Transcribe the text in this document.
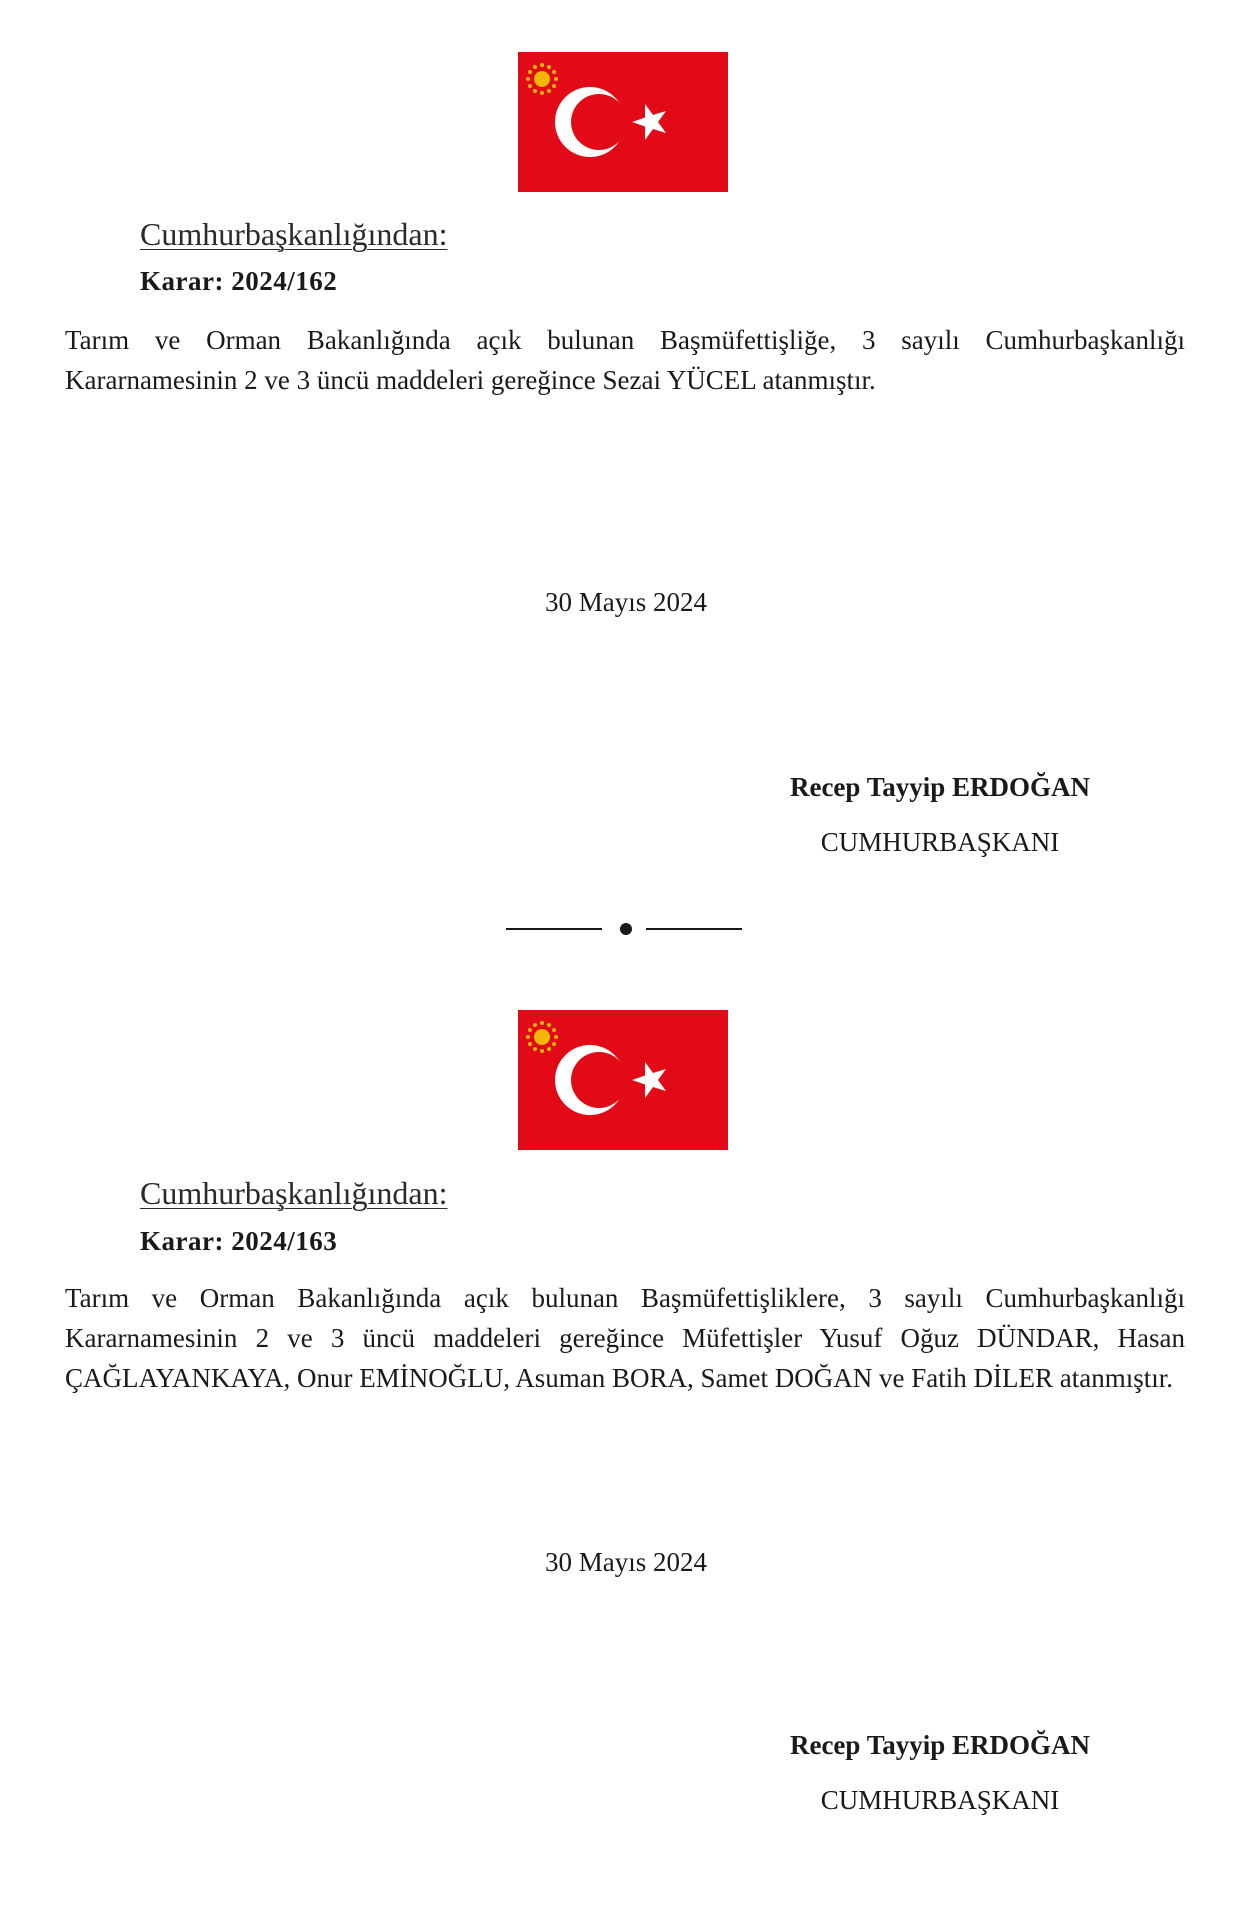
Cumhurbaşkanlığından:
Karar: 2024/162
Tarım ve Orman Bakanlığında açık bulunan Başmüfettişliğe, 3 sayılı Cumhurbaşkanlığı Kararnamesinin 2 ve 3 üncü maddeleri gereğince Sezai YÜCEL atanmıştır.
30 Mayıs 2024
Recep Tayyip ERDOĞAN
CUMHURBAŞKANI
Cumhurbaşkanlığından:
Karar: 2024/163
Tarım ve Orman Bakanlığında açık bulunan Başmüfettişliklere, 3 sayılı Cumhurbaşkanlığı Kararnamesinin 2 ve 3 üncü maddeleri gereğince Müfettişler Yusuf Oğuz DÜNDAR, Hasan ÇAĞLAYANKAYA, Onur EMİNOĞLU, Asuman BORA, Samet DOĞAN ve Fatih DİLER atanmıştır.
30 Mayıs 2024
Recep Tayyip ERDOĞAN
CUMHURBAŞKANI
